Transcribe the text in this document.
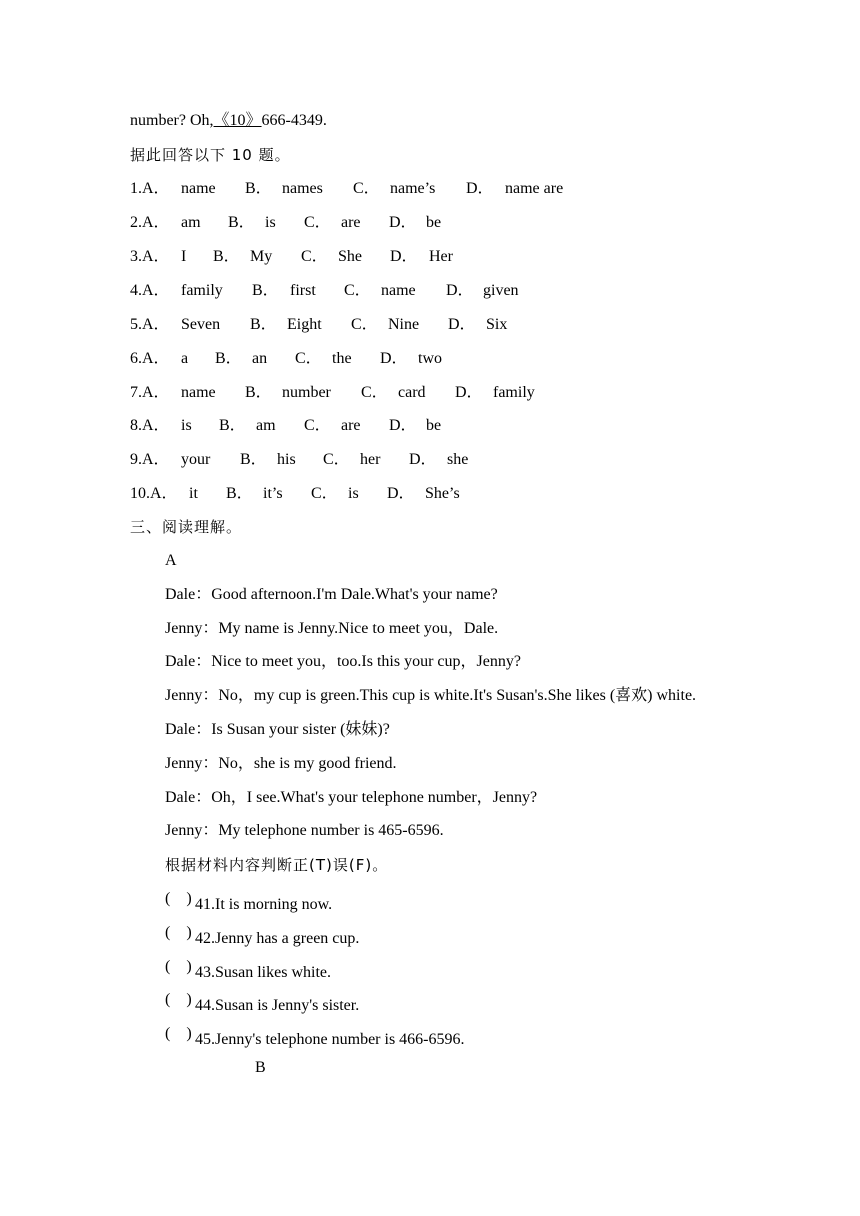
number? Oh,《10》666-4349.
据此回答以下 10 题。
1.A． name B． names C． name’s D． name are
2.A． am B． is C． are D． be
3.A． I B． My C． She D． Her
4.A． family B． first C． name D． given
5.A． Seven B． Eight C． Nine D． Six
6.A． a B． an C． the D． two
7.A． name B． number C． card D． family
8.A． is B． am C． are D． be
9.A． your B． his C． her D． she
10.A． it B． it’s C． is D． She’s
三、阅读理解。
A
Dale：Good afternoon.I'm Dale.What's your name?
Jenny：My name is Jenny.Nice to meet you，Dale.
Dale：Nice to meet you，too.Is this your cup，Jenny?
Jenny：No，my cup is green.This cup is white.It's Susan's.She likes (喜欢) white.
Dale：Is Susan your sister (妹妹)?
Jenny：No，she is my good friend.
Dale：Oh，I see.What's your telephone number，Jenny?
Jenny：My telephone number is 465-6596.
根据材料内容判断正(T)误(F)。
(    ) 41.It is morning now.
(    ) 42.Jenny has a green cup.
(    ) 43.Susan likes white.
(    ) 44.Susan is Jenny's sister.
(    ) 45.Jenny's telephone number is 466-6596.
B
